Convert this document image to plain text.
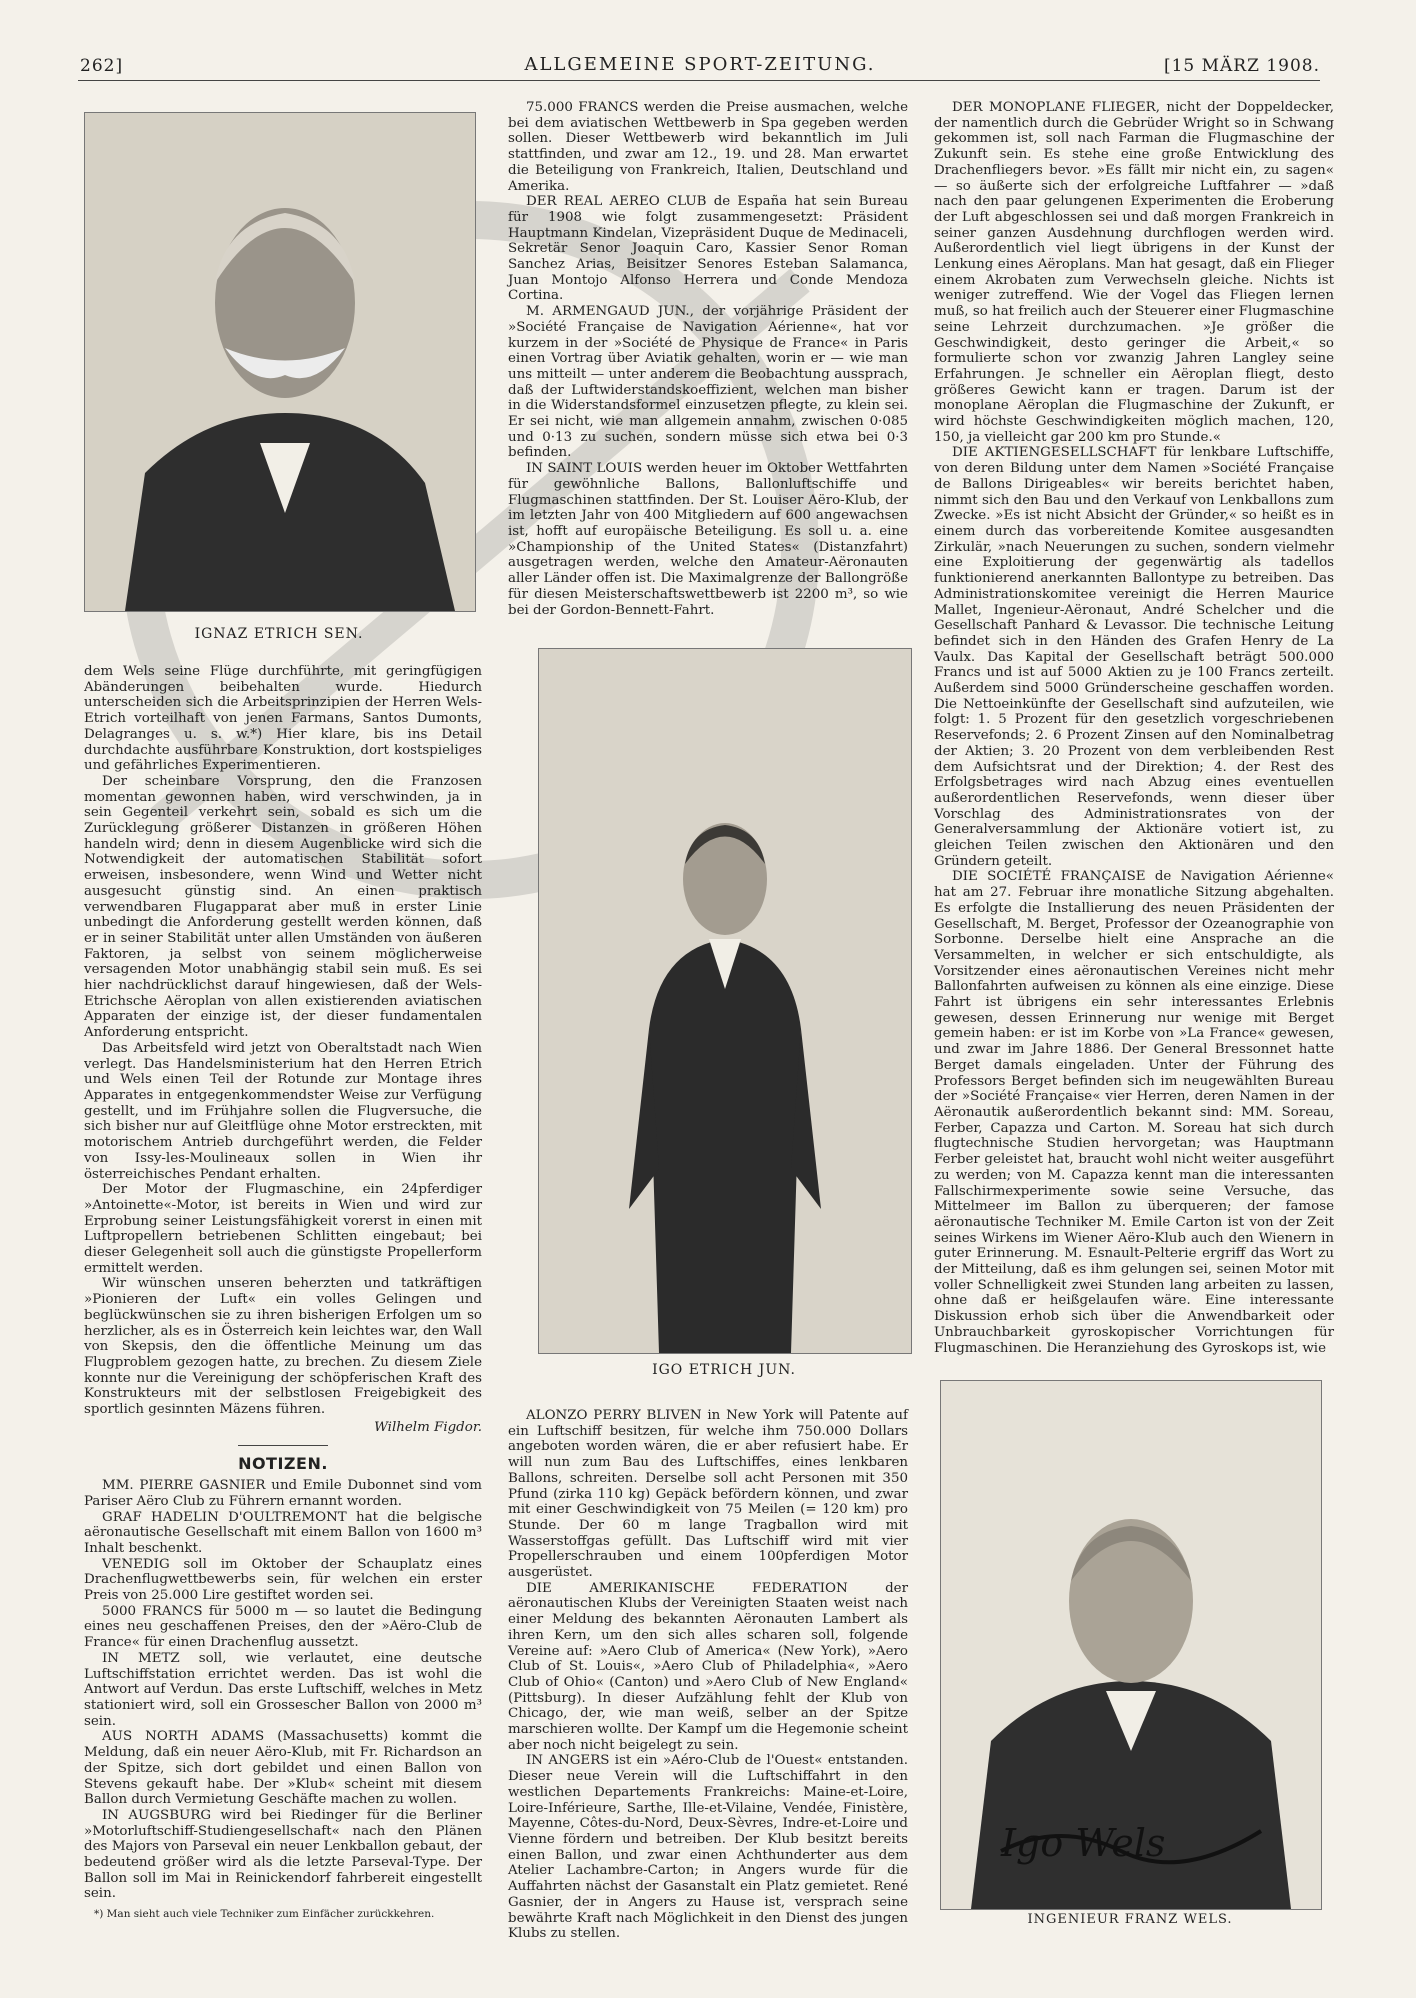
262]	ALLGEMEINE SPORT-ZEITUNG.	[15 MÄRZ 1908.
IGNAZ ETRICH SEN.

dem Wels seine Flüge durchführte, mit geringfügigen Abänderungen beibehalten wurde. Hiedurch unterscheiden sich die Arbeitsprinzipien der Herren Wels-Etrich vorteilhaft von jenen Farmans, Santos Dumonts, Delagranges u. s. w.*) Hier klare, bis ins Detail durchdachte ausführbare Konstruktion, dort kostspieliges und gefährliches Experimentieren.

Der scheinbare Vorsprung, den die Franzosen momentan gewonnen haben, wird verschwinden, ja in sein Gegenteil verkehrt sein, sobald es sich um die Zurücklegung größerer Distanzen in größeren Höhen handeln wird; denn in diesem Augenblicke wird sich die Notwendigkeit der automatischen Stabilität sofort erweisen, insbesondere, wenn Wind und Wetter nicht ausgesucht günstig sind. An einen praktisch verwendbaren Flugapparat aber muß in erster Linie unbedingt die Anforderung gestellt werden können, daß er in seiner Stabilität unter allen Umständen von äußeren Faktoren, ja selbst von seinem möglicherweise versagenden Motor unabhängig stabil sein muß. Es sei hier nachdrücklichst darauf hingewiesen, daß der Wels-Etrichsche Aëroplan von allen existierenden aviatischen Apparaten der einzige ist, der dieser fundamentalen Anforderung entspricht.

Das Arbeitsfeld wird jetzt von Oberaltstadt nach Wien verlegt. Das Handelsministerium hat den Herren Etrich und Wels einen Teil der Rotunde zur Montage ihres Apparates in entgegenkommendster Weise zur Verfügung gestellt, und im Frühjahre sollen die Flugversuche, die sich bisher nur auf Gleitflüge ohne Motor erstreckten, mit motorischem Antrieb durchgeführt werden, die Felder von Issy-les-Moulineaux sollen in Wien ihr österreichisches Pendant erhalten.

Der Motor der Flugmaschine, ein 24pferdiger »Antoinette«-Motor, ist bereits in Wien und wird zur Erprobung seiner Leistungsfähigkeit vorerst in einen mit Luftpropellern betriebenen Schlitten eingebaut; bei dieser Gelegenheit soll auch die günstigste Propellerform ermittelt werden.

Wir wünschen unseren beherzten und tatkräftigen »Pionieren der Luft« ein volles Gelingen und beglückwünschen sie zu ihren bisherigen Erfolgen um so herzlicher, als es in Österreich kein leichtes war, den Wall von Skepsis, den die öffentliche Meinung um das Flugproblem gezogen hatte, zu brechen. Zu diesem Ziele konnte nur die Vereinigung der schöpferischen Kraft des Konstrukteurs mit der selbstlosen Freigebigkeit des sportlich gesinnten Mäzens führen.

Wilhelm Figdor.
NOTIZEN.

MM. PIERRE GASNIER und Emile Dubonnet sind vom Pariser Aëro Club zu Führern ernannt worden.

GRAF HADELIN D'OULTREMONT hat die belgische aëronautische Gesellschaft mit einem Ballon von 1600 m³ Inhalt beschenkt.

VENEDIG soll im Oktober der Schauplatz eines Drachenflugwettbewerbs sein, für welchen ein erster Preis von 25.000 Lire gestiftet worden sei.

5000 FRANCS für 5000 m — so lautet die Bedingung eines neu geschaffenen Preises, den der »Aëro-Club de France« für einen Drachenflug aussetzt.

IN METZ soll, wie verlautet, eine deutsche Luftschiffstation errichtet werden. Das ist wohl die Antwort auf Verdun. Das erste Luftschiff, welches in Metz stationiert wird, soll ein Grossescher Ballon von 2000 m³ sein.

AUS NORTH ADAMS (Massachusetts) kommt die Meldung, daß ein neuer Aëro-Klub, mit Fr. Richardson an der Spitze, sich dort gebildet und einen Ballon von Stevens gekauft habe. Der »Klub« scheint mit diesem Ballon durch Vermietung Geschäfte machen zu wollen.

IN AUGSBURG wird bei Riedinger für die Berliner »Motorluftschiff-Studiengesellschaft« nach den Plänen des Majors von Parseval ein neuer Lenkballon gebaut, der bedeutend größer wird als die letzte Parseval-Type. Der Ballon soll im Mai in Reinickendorf fahrbereit eingestellt sein.

*) Man sieht auch viele Techniker zum Einfächer zurückkehren.

75.000 FRANCS werden die Preise ausmachen, welche bei dem aviatischen Wettbewerb in Spa gegeben werden sollen. Dieser Wettbewerb wird bekanntlich im Juli stattfinden, und zwar am 12., 19. und 28. Man erwartet die Beteiligung von Frankreich, Italien, Deutschland und Amerika.

DER REAL AEREO CLUB de España hat sein Bureau für 1908 wie folgt zusammengesetzt: Präsident Hauptmann Kindelan, Vizepräsident Duque de Medinaceli, Sekretär Senor Joaquin Caro, Kassier Senor Roman Sanchez Arias, Beisitzer Senores Esteban Salamanca, Juan Montojo Alfonso Herrera und Conde Mendoza Cortina.

M. ARMENGAUD JUN., der vorjährige Präsident der »Société Française de Navigation Aérienne«, hat vor kurzem in der »Société de Physique de France« in Paris einen Vortrag über Aviatik gehalten, worin er — wie man uns mitteilt — unter anderem die Beobachtung aussprach, daß der Luftwiderstandskoeffizient, welchen man bisher in die Widerstandsformel einzusetzen pflegte, zu klein sei. Er sei nicht, wie man allgemein annahm, zwischen 0·085 und 0·13 zu suchen, sondern müsse sich etwa bei 0·3 befinden.

IN SAINT LOUIS werden heuer im Oktober Wettfahrten für gewöhnliche Ballons, Ballonluftschiffe und Flugmaschinen stattfinden. Der St. Louiser Aëro-Klub, der im letzten Jahr von 400 Mitgliedern auf 600 angewachsen ist, hofft auf europäische Beteiligung. Es soll u. a. eine »Championship of the United States« (Distanzfahrt) ausgetragen werden, welche den Amateur-Aëronauten aller Länder offen ist. Die Maximalgrenze der Ballongröße für diesen Meisterschaftswettbewerb ist 2200 m³, so wie bei der Gordon-Bennett-Fahrt.

IGO ETRICH JUN.

ALONZO PERRY BLIVEN in New York will Patente auf ein Luftschiff besitzen, für welche ihm 750.000 Dollars angeboten worden wären, die er aber refusiert habe. Er will nun zum Bau des Luftschiffes, eines lenkbaren Ballons, schreiten. Derselbe soll acht Personen mit 350 Pfund (zirka 110 kg) Gepäck befördern können, und zwar mit einer Geschwindigkeit von 75 Meilen (= 120 km) pro Stunde. Der 60 m lange Tragballon wird mit Wasserstoffgas gefüllt. Das Luftschiff wird mit vier Propellerschrauben und einem 100pferdigen Motor ausgerüstet.

DIE AMERIKANISCHE FEDERATION der aëronautischen Klubs der Vereinigten Staaten weist nach einer Meldung des bekannten Aëronauten Lambert als ihren Kern, um den sich alles scharen soll, folgende Vereine auf: »Aero Club of America« (New York), »Aero Club of St. Louis«, »Aero Club of Philadelphia«, »Aero Club of Ohio« (Canton) und »Aero Club of New England« (Pittsburg). In dieser Aufzählung fehlt der Klub von Chicago, der, wie man weiß, selber an der Spitze marschieren wollte. Der Kampf um die Hegemonie scheint aber noch nicht beigelegt zu sein.

IN ANGERS ist ein »Aéro-Club de l'Ouest« entstanden. Dieser neue Verein will die Luftschiffahrt in den westlichen Departements Frankreichs: Maine-et-Loire, Loire-Inférieure, Sarthe, Ille-et-Vilaine, Vendée, Finistère, Mayenne, Côtes-du-Nord, Deux-Sèvres, Indre-et-Loire und Vienne fördern und betreiben. Der Klub besitzt bereits einen Ballon, und zwar einen Achthunderter aus dem Atelier Lachambre-Carton; in Angers wurde für die Auffahrten nächst der Gasanstalt ein Platz gemietet. René Gasnier, der in Angers zu Hause ist, versprach seine bewährte Kraft nach Möglichkeit in den Dienst des jungen Klubs zu stellen.

DER MONOPLANE FLIEGER, nicht der Doppeldecker, der namentlich durch die Gebrüder Wright so in Schwang gekommen ist, soll nach Farman die Flugmaschine der Zukunft sein. Es stehe eine große Entwicklung des Drachenfliegers bevor. »Es fällt mir nicht ein, zu sagen« — so äußerte sich der erfolgreiche Luftfahrer — »daß nach den paar gelungenen Experimenten die Eroberung der Luft abgeschlossen sei und daß morgen Frankreich in seiner ganzen Ausdehnung durchflogen werden wird. Außerordentlich viel liegt übrigens in der Kunst der Lenkung eines Aëroplans. Man hat gesagt, daß ein Flieger einem Akrobaten zum Verwechseln gleiche. Nichts ist weniger zutreffend. Wie der Vogel das Fliegen lernen muß, so hat freilich auch der Steuerer einer Flugmaschine seine Lehrzeit durchzumachen. »Je größer die Geschwindigkeit, desto geringer die Arbeit,« so formulierte schon vor zwanzig Jahren Langley seine Erfahrungen. Je schneller ein Aëroplan fliegt, desto größeres Gewicht kann er tragen. Darum ist der monoplane Aëroplan die Flugmaschine der Zukunft, er wird höchste Geschwindigkeiten möglich machen, 120, 150, ja vielleicht gar 200 km pro Stunde.«

DIE AKTIENGESELLSCHAFT für lenkbare Luftschiffe, von deren Bildung unter dem Namen »Société Française de Ballons Dirigeables« wir bereits berichtet haben, nimmt sich den Bau und den Verkauf von Lenkballons zum Zwecke. »Es ist nicht Absicht der Gründer,« so heißt es in einem durch das vorbereitende Komitee ausgesandten Zirkulär, »nach Neuerungen zu suchen, sondern vielmehr eine Exploitierung der gegenwärtig als tadellos funktionierend anerkannten Ballontype zu betreiben. Das Administrationskomitee vereinigt die Herren Maurice Mallet, Ingenieur-Aëronaut, André Schelcher und die Gesellschaft Panhard & Levassor. Die technische Leitung befindet sich in den Händen des Grafen Henry de La Vaulx. Das Kapital der Gesellschaft beträgt 500.000 Francs und ist auf 5000 Aktien zu je 100 Francs zerteilt. Außerdem sind 5000 Gründerscheine geschaffen worden. Die Nettoeinkünfte der Gesellschaft sind aufzuteilen, wie folgt: 1. 5 Prozent für den gesetzlich vorgeschriebenen Reservefonds; 2. 6 Prozent Zinsen auf den Nominalbetrag der Aktien; 3. 20 Prozent von dem verbleibenden Rest dem Aufsichtsrat und der Direktion; 4. der Rest des Erfolgsbetrages wird nach Abzug eines eventuellen außerordentlichen Reservefonds, wenn dieser über Vorschlag des Administrationsrates von der Generalversammlung der Aktionäre votiert ist, zu gleichen Teilen zwischen den Aktionären und den Gründern geteilt.

DIE SOCIÉTÉ FRANÇAISE de Navigation Aérienne« hat am 27. Februar ihre monatliche Sitzung abgehalten. Es erfolgte die Installierung des neuen Präsidenten der Gesellschaft, M. Berget, Professor der Ozeanographie von Sorbonne. Derselbe hielt eine Ansprache an die Versammelten, in welcher er sich entschuldigte, als Vorsitzender eines aëronautischen Vereines nicht mehr Ballonfahrten aufweisen zu können als eine einzige. Diese Fahrt ist übrigens ein sehr interessantes Erlebnis gewesen, dessen Erinnerung nur wenige mit Berget gemein haben: er ist im Korbe von »La France« gewesen, und zwar im Jahre 1886. Der General Bressonnet hatte Berget damals eingeladen. Unter der Führung des Professors Berget befinden sich im neugewählten Bureau der »Société Française« vier Herren, deren Namen in der Aëronautik außerordentlich bekannt sind: MM. Soreau, Ferber, Capazza und Carton. M. Soreau hat sich durch flugtechnische Studien hervorgetan; was Hauptmann Ferber geleistet hat, braucht wohl nicht weiter ausgeführt zu werden; von M. Capazza kennt man die interessanten Fallschirmexperimente sowie seine Versuche, das Mittelmeer im Ballon zu überqueren; der famose aëronautische Techniker M. Emile Carton ist von der Zeit seines Wirkens im Wiener Aëro-Klub auch den Wienern in guter Erinnerung. M. Esnault-Pelterie ergriff das Wort zu der Mitteilung, daß es ihm gelungen sei, seinen Motor mit voller Schnelligkeit zwei Stunden lang arbeiten zu lassen, ohne daß er heißgelaufen wäre. Eine interessante Diskussion erhob sich über die Anwendbarkeit oder Unbrauchbarkeit gyroskopischer Vorrichtungen für Flugmaschinen. Die Heranziehung des Gyroskops ist, wie

Igo Wels
INGENIEUR FRANZ WELS.
